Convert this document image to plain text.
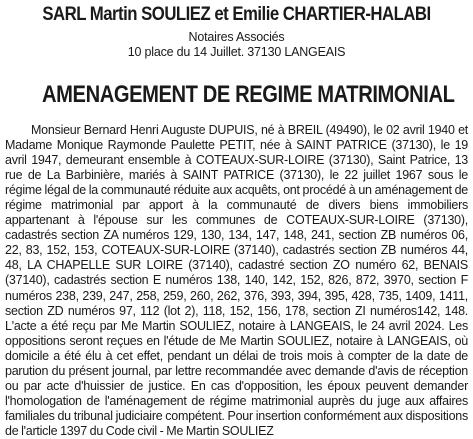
SARL Martin SOULIEZ et Emilie CHARTIER-HALABI
Notaires Associés
10 place du 14 Juillet. 37130 LANGEAIS
AMENAGEMENT DE REGIME MATRIMONIAL
Monsieur Bernard Henri Auguste DUPUIS, né à BREIL (49490), le 02 avril 1940 et Madame Monique Raymonde Paulette PETIT, née à SAINT PATRICE (37130), le 19 avril 1947, demeurant ensemble à COTEAUX-SUR-LOIRE (37130), Saint Patrice, 13 rue de La Barbinière, mariés à SAINT PATRICE (37130), le 22 juillet 1967 sous le régime légal de la communauté réduite aux acquêts, ont procédé à un aménagement de régime matrimonial par apport à la communauté de divers biens immobiliers appartenant à l'épouse sur les communes de COTEAUX-SUR-LOIRE (37130), cadastrés section ZA numéros 129, 130, 134, 147, 148, 241, section ZB numéros 06, 22, 83, 152, 153, COTEAUX-SUR-LOIRE (37140), cadastrés section ZB numéros 44, 48, LA CHAPELLE SUR LOIRE (37140), cadastré section ZO numéro 62, BENAIS (37140), cadastrés section E numéros 138, 140, 142, 152, 826, 872, 3970, section F numéros 238, 239, 247, 258, 259, 260, 262, 376, 393, 394, 395, 428, 735, 1409, 1411, section ZD numéros 97, 112 (lot 2), 118, 152, 156, 178, section ZI numéros142, 148. L'acte a été reçu par Me Martin SOULIEZ, notaire à LANGEAIS, le 24 avril 2024. Les oppositions seront reçues en l'étude de Me Martin SOULIEZ, notaire à LANGEAIS, où domicile a été élu à cet effet, pendant un délai de trois mois à compter de la date de parution du présent journal, par lettre recommandée avec demande d'avis de réception ou par acte d'huissier de justice. En cas d'opposition, les époux peuvent demander l'homologation de l'aménagement de régime matrimonial auprès du juge aux affaires familiales du tribunal judiciaire compétent. Pour insertion conformément aux dispositions de l'article 1397 du Code civil - Me Martin SOULIEZ
